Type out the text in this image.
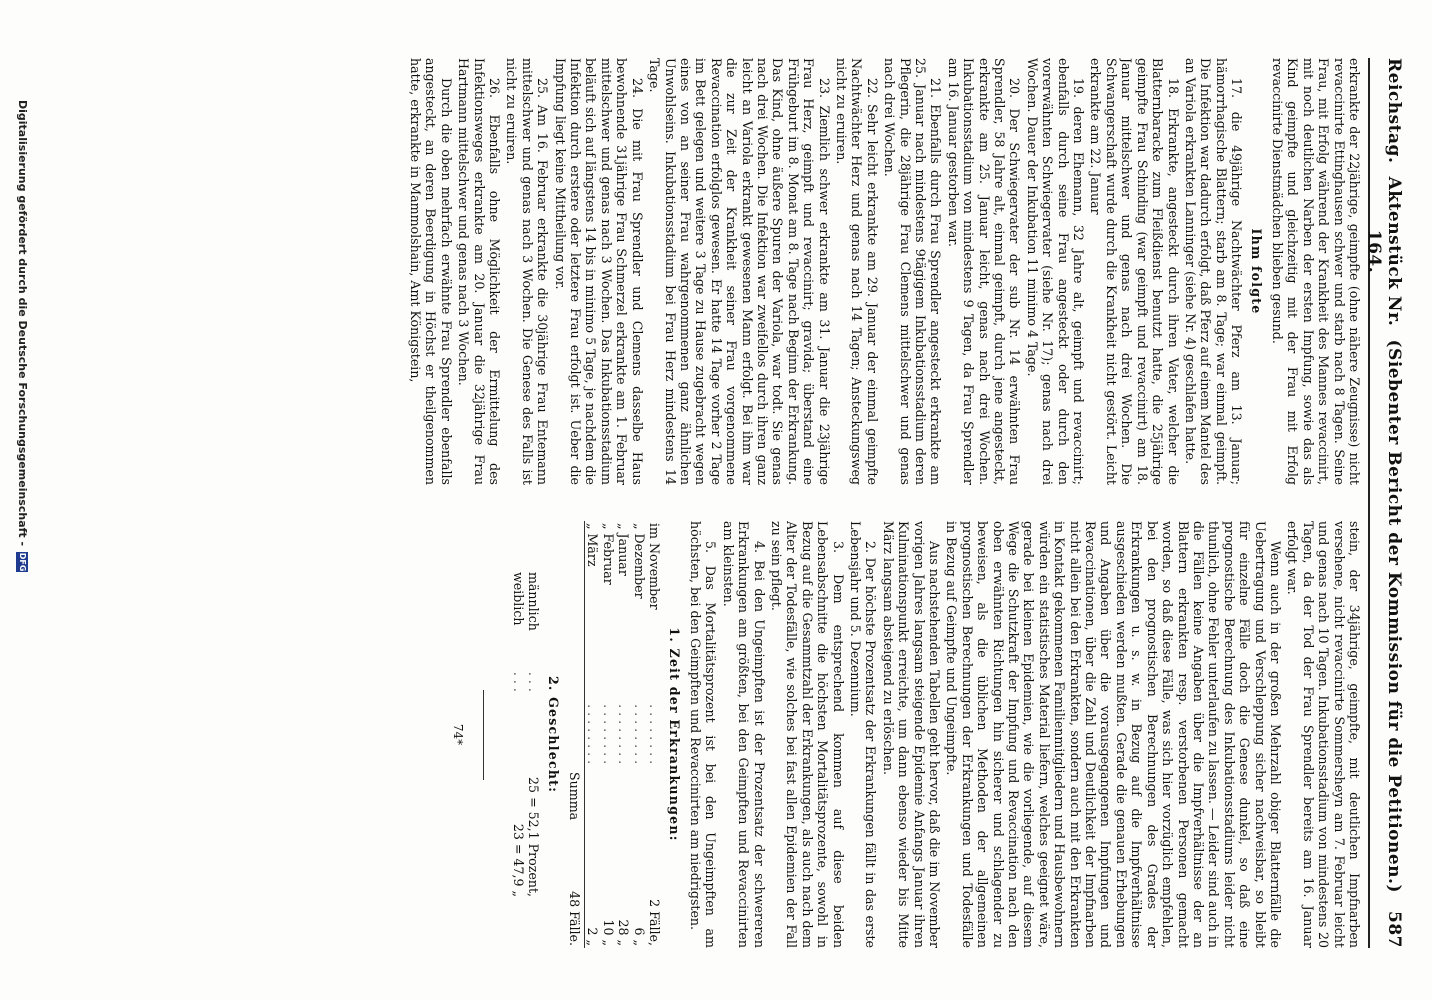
Reichstag.
Aktenstück Nr. 164.
(Siebenter Bericht der Kommission für die Petitionen.)
587

erkrankte der 22jährige, geimpfte (ohne nähere Zeugnisse) nicht revaccinirte Ettinghausen schwer und starb nach 8 Tagen. Seine Frau, mit Erfolg während der Krankheit des Mannes revaccinirt, mit noch deutlichen Narben der ersten Impfung, sowie das als Kind geimpfte und gleichzeitig mit der Frau mit Erfolg revaccinirte Dienstmädchen blieben gesund.

Ihm folgte

17. die 49jährige Nachtwächter Pferz am 13. Januar; hämorrhagische Blattern; starb am 8. Tage; war einmal geimpft. Die Infektion war dadurch erfolgt, daß Pferz auf einem Mantel des an Variola erkrankten Lanninger (siehe Nr. 4) geschlafen hatte.

18. Erkrankte, angesteckt durch ihren Vater, welcher die Blatternbaracke zum Fleißdienst benutzt hatte, die 25jährige geimpfte Frau Schinding (war geimpft und revaccinirt) am 18. Januar mittelschwer und genas nach drei Wochen. Die Schwangerschaft wurde durch die Krankheit nicht gestört. Leicht erkrankte am 22. Januar

19. deren Ehemann, 32 Jahre alt, geimpft und revaccinirt; ebenfalls durch seine Frau angesteckt oder durch den vorerwähnten Schwiegervater (siehe Nr. 17); genas nach drei Wochen. Dauer der Inkubation 11 minimo 4 Tage.

20. Der Schwiegervater der sub Nr. 14 erwähnten Frau Sprendler, 58 Jahre alt, einmal geimpft, durch jene angesteckt, erkrankte am 25. Januar leicht, genas nach drei Wochen. Inkubationsstadium von mindestens 9 Tagen, da Frau Sprendler am 16. Januar gestorben war.

21. Ebenfalls durch Frau Sprendler angesteckt erkrankte am 25. Januar nach mindestens 9tägigem Inkubationsstadium deren Pflegerin, die 28jährige Frau Clemens mittelschwer und genas nach drei Wochen.

22. Sehr leicht erkrankte am 29. Januar der einmal geimpfte Nachtwächter Herz und genas nach 14 Tagen; Ansteckungsweg nicht zu eruiren.

23. Ziemlich schwer erkrankte am 31. Januar die 23jährige Frau Herz, geimpft und revaccinirt; gravida; überstand eine Frühgeburt im 8. Monat am 8. Tage nach Beginn der Erkrankung. Das Kind, ohne äußere Spuren der Variola, war todt. Sie genas nach drei Wochen. Die Infektion war zweifellos durch ihren ganz leicht an Variola erkrankt gewesenen Mann erfolgt. Bei ihm war die zur Zeit der Krankheit seiner Frau vorgenommene Revaccination erfolglos gewesen. Er hatte 14 Tage vorher 2 Tage im Bett gelegen und weitere 3 Tage zu Hause zugebracht wegen eines von an seiner Frau wahrgenommenen ganz ähnlichen Unwohlseins. Inkubationsstadium bei Frau Herz mindestens 14 Tage.

24. Die mit Frau Sprendler und Clemens dasselbe Haus bewohnende 31jährige Frau Schmerzel erkrankte am 1. Februar mittelschwer und genas nach 3 Wochen. Das Inkubationsstadium beläuft sich auf längstens 14 bis in minimo 5 Tage, je nachdem die Infektion durch erstere oder letztere Frau erfolgt ist. Ueber die Impfung liegt keine Mittheilung vor.

25. Am 16. Februar erkrankte die 30jährige Frau Entemann mittelschwer und genas nach 3 Wochen. Die Genese des Falls ist nicht zu eruiren.

26. Ebenfalls ohne Möglichkeit der Ermittelung des Infektionsweges erkrankte am 20. Januar die 32jährige Frau Hartmann mittelschwer und genas nach 3 Wochen.

Durch die oben mehrfach erwähnte Frau Sprendler ebenfalls angesteckt, an deren Beerdigung in Höchst er theilgenommen hatte, erkrankte in Mammolshain, Amt Königstein,

stein, der 34jährige, geimpfte, mit deutlichen Impfnarben versehene, nicht revaccinirte Sommersheyn am 7. Februar leicht und genas nach 10 Tagen. Inkubationsstadium von mindestens 20 Tagen, da der Tod der Frau Sprendler bereits am 16. Januar erfolgt war.

Wenn auch in der großen Mehrzahl obiger Blatternfälle die Uebertragung und Verschleppung sicher nachweisbar, so bleibt für einzelne Fälle doch die Genese dunkel, so daß eine prognostische Berechnung des Inkubationsstadiums leider nicht thunlich, ohne Fehler unterlaufen zu lassen. — Leider sind auch in die Fällen keine Angaben über die Impfverhältnisse der an Blattern erkrankten resp. verstorbenen Personen gemacht worden, so daß diese Fälle, was sich hier vorzüglich empfehlen, bei den prognostischen Berechnungen des Grades der Erkrankungen u. s. w. in Bezug auf die Impfverhältnisse ausgeschieden werden mußten. Gerade die genauen Erhebungen und Angaben über die vorausgegangenen Impfungen und Revaccinationen, über die Zahl und Deutlichkeit der Impfnarben nicht allein bei den Erkrankten, sondern auch mit den Erkrankten in Kontakt gekommenen Familienmitgliedern und Hausbewohnern würden ein statistisches Material liefern, welches geeignet wäre, gerade bei kleinen Epidemien, wie die vorliegende, auf diesem Wege die Schutzkraft der Impfung und Revaccination nach den oben erwähnten Richtungen hin sicherer und schlagender zu beweisen, als die üblichen Methoden der allgemeinen prognostischen Berechnungen der Erkrankungen und Todesfälle in Bezug auf Geimpfte und Ungeimpfte.

Aus nachstehenden Tabellen geht hervor, daß die im November vorigen Jahres langsam steigende Epidemie Anfangs Januar ihren Kulminationspunkt erreichte, um dann ebenso wieder bis Mitte März langsam absteigend zu erlöschen.

2. Der höchste Prozentsatz der Erkrankungen fällt in das erste Lebensjahr und 5. Dezennium.

3. Dem entsprechend kommen auf diese beiden Lebensabschnitte die höchsten Mortalitätsprozente, sowohl in Bezug auf die Gesammtzahl der Erkrankungen, als auch nach dem Alter der Todesfälle, wie solches bei fast allen Epidemien der Fall zu sein pflegt.

4. Bei den Ungeimpften ist der Prozentsatz der schwereren Erkrankungen am größten, bei den Geimpften und Revaccinirten am kleinsten.

5. Das Mortalitätsprozent ist bei den Ungeimpften am höchsten, bei den Geimpften und Revaccinirten am niedrigsten.

1. Zeit der Erkrankungen:

im November	. . . . . . . .	2 Fälle,
„ Dezember	. . . . . . . .	6 „
„ Januar	. . . . . . . .	28 „
„ Februar	. . . . . . . .	10 „
„ März	. . . . . . . .	2 „
Summa		48 Fälle.

2. Geschlecht:

männlich	. . .	25 = 52,1 Prozent,
weiblich	. . .	23 = 47,9 „
74*
Digitalisierung gefördert durch die Deutsche Forschungsgemeinschaft -
DFG
